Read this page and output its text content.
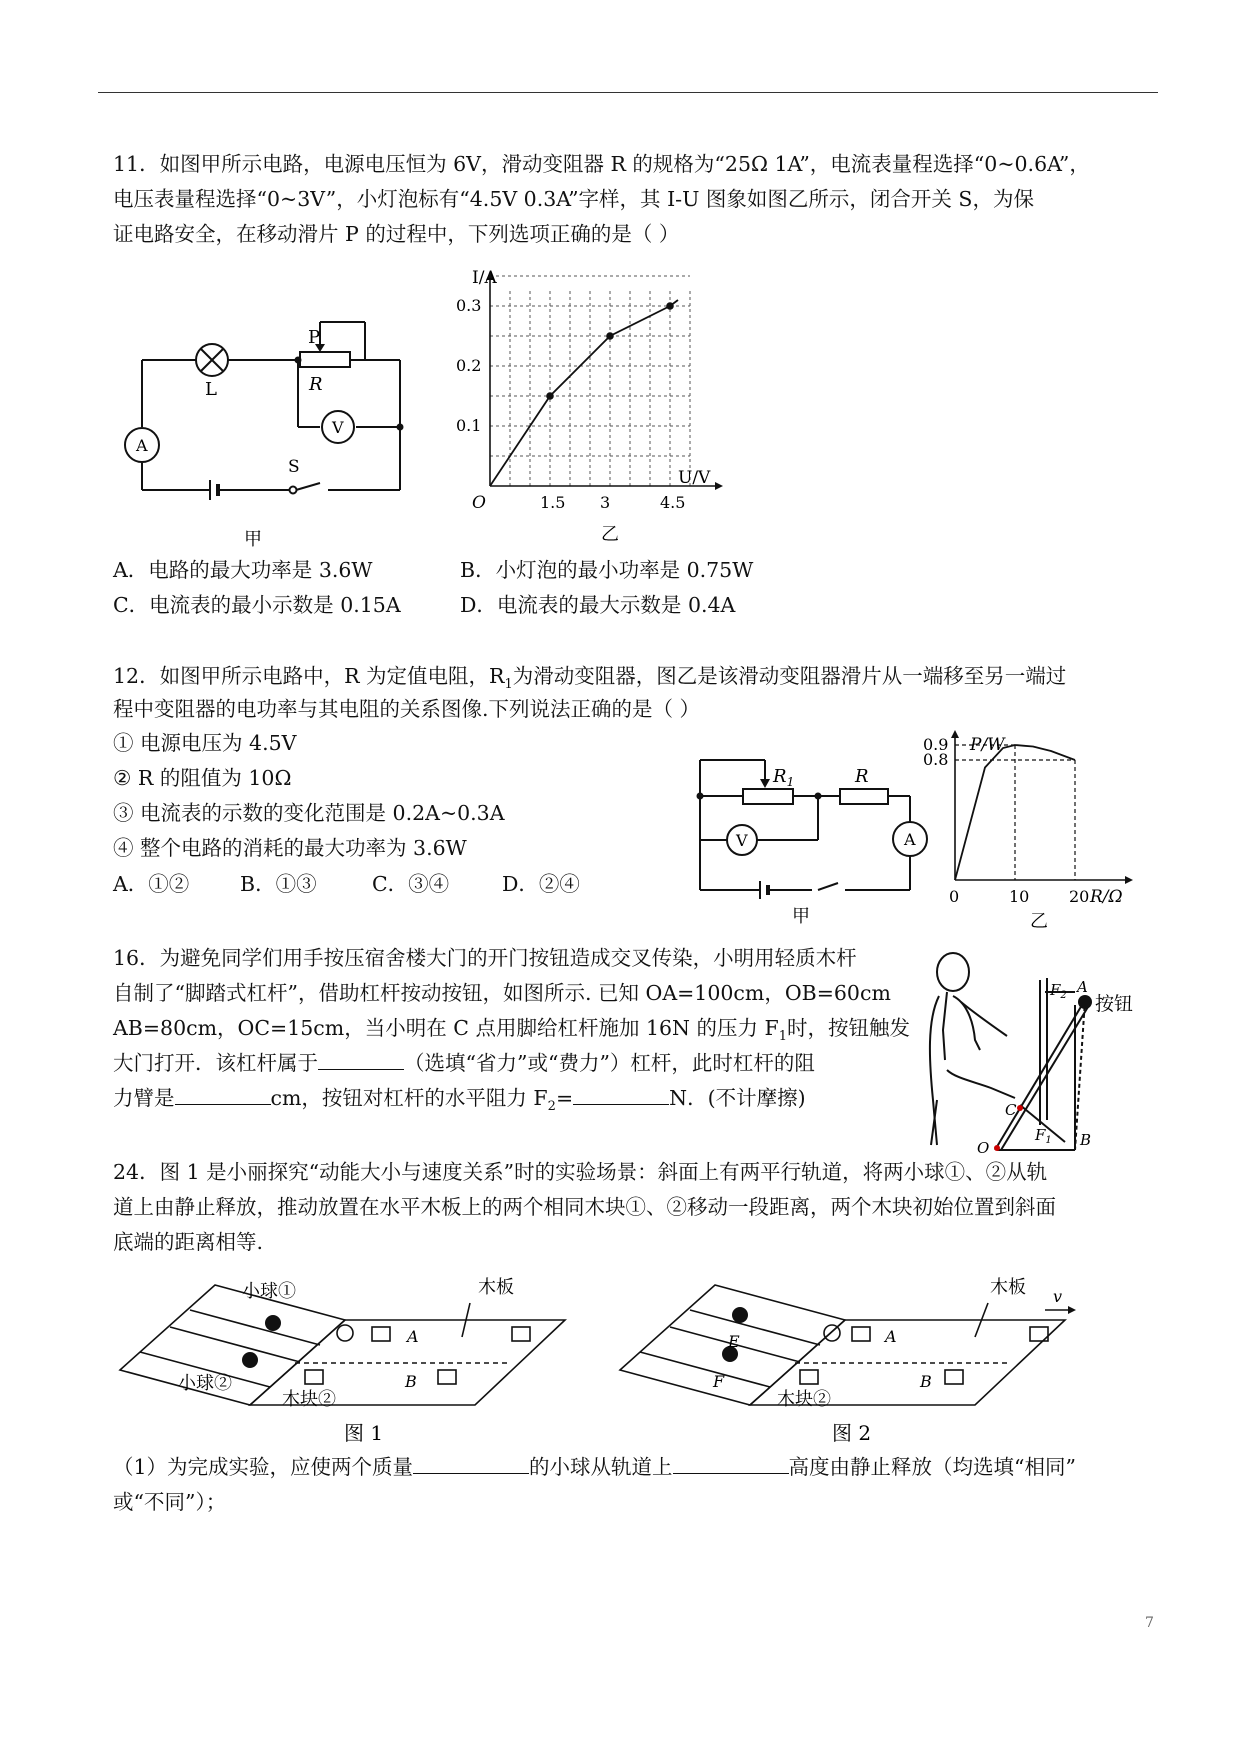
11．如图甲所示电路，电源电压恒为 6V，滑动变阻器 R 的规格为“25Ω 1A”，电流表量程选择“0~0.6A”，
电压表量程选择“0~3V”，小灯泡标有“4.5V 0.3A”字样，其 I-U 图象如图乙所示，闭合开关 S，为保
证电路安全，在移动滑片 P 的过程中，下列选项正确的是（ ）
L
P
R
V
A
S
甲
1.5 3	4.5
0.1
0.2
0.3
I/A
U/V
O
乙
A．电路的最大功率是 3.6W	B．小灯泡的最小功率是 0.75W
C．电流表的最小示数是 0.15A	D．电流表的最大示数是 0.4A
12．如图甲所示电路中，R 为定值电阻，$R_1$为滑动变阻器，图乙是该滑动变阻器滑片从一端移至另一端过
程中变阻器的电功率与其电阻的关系图像.下列说法正确的是（ ）
① 电源电压为 4.5V
② R 的阻值为 10Ω
③ 电流表的示数的变化范围是 0.2A~0.3A
④ 整个电路的消耗的最大功率为 3.6W
A．①② B．①③	C．③④	D．②④
$R_1$	R
V	A
甲
0	10 20
0.8
0.9 P/W
R/Ω
乙
16．为避免同学们用手按压宿舍楼大门的开门按钮造成交叉传染，小明用轻质木杆
自制了“脚踏式杠杆”，借助杠杆按动按钮，如图所示. 已知 OA=100cm，OB=60cm
AB=80cm，OC=15cm，当小明在 C 点用脚给杠杆施加 16N 的压力 $F_1$时，按钮触发
大门打开．该杠杆属于	（选填“省力”或“费力”）杠杆，此时杠杆的阻
力臂是	cm，按钮对杠杆的水平阻力 $F_2=$	N．(不计摩擦)
按钮
A
B
C
O
$F_1$
$F_2$
24．图 1 是小丽探究“动能大小与速度关系”时的实验场景：斜面上有两平行轨道，将两小球①、②从轨
道上由静止释放，推动放置在水平木板上的两个相同木块①、②移动一段距离，两个木块初始位置到斜面
底端的距离相等.
小球①
小球②
木板
木块②
A
B
图 1
E
F
木板 v
木块②
A
B
图 2
（1）为完成实验，应使两个质量	的小球从轨道上	高度由静止释放（均选填“相同”
或“不同”）；
7
